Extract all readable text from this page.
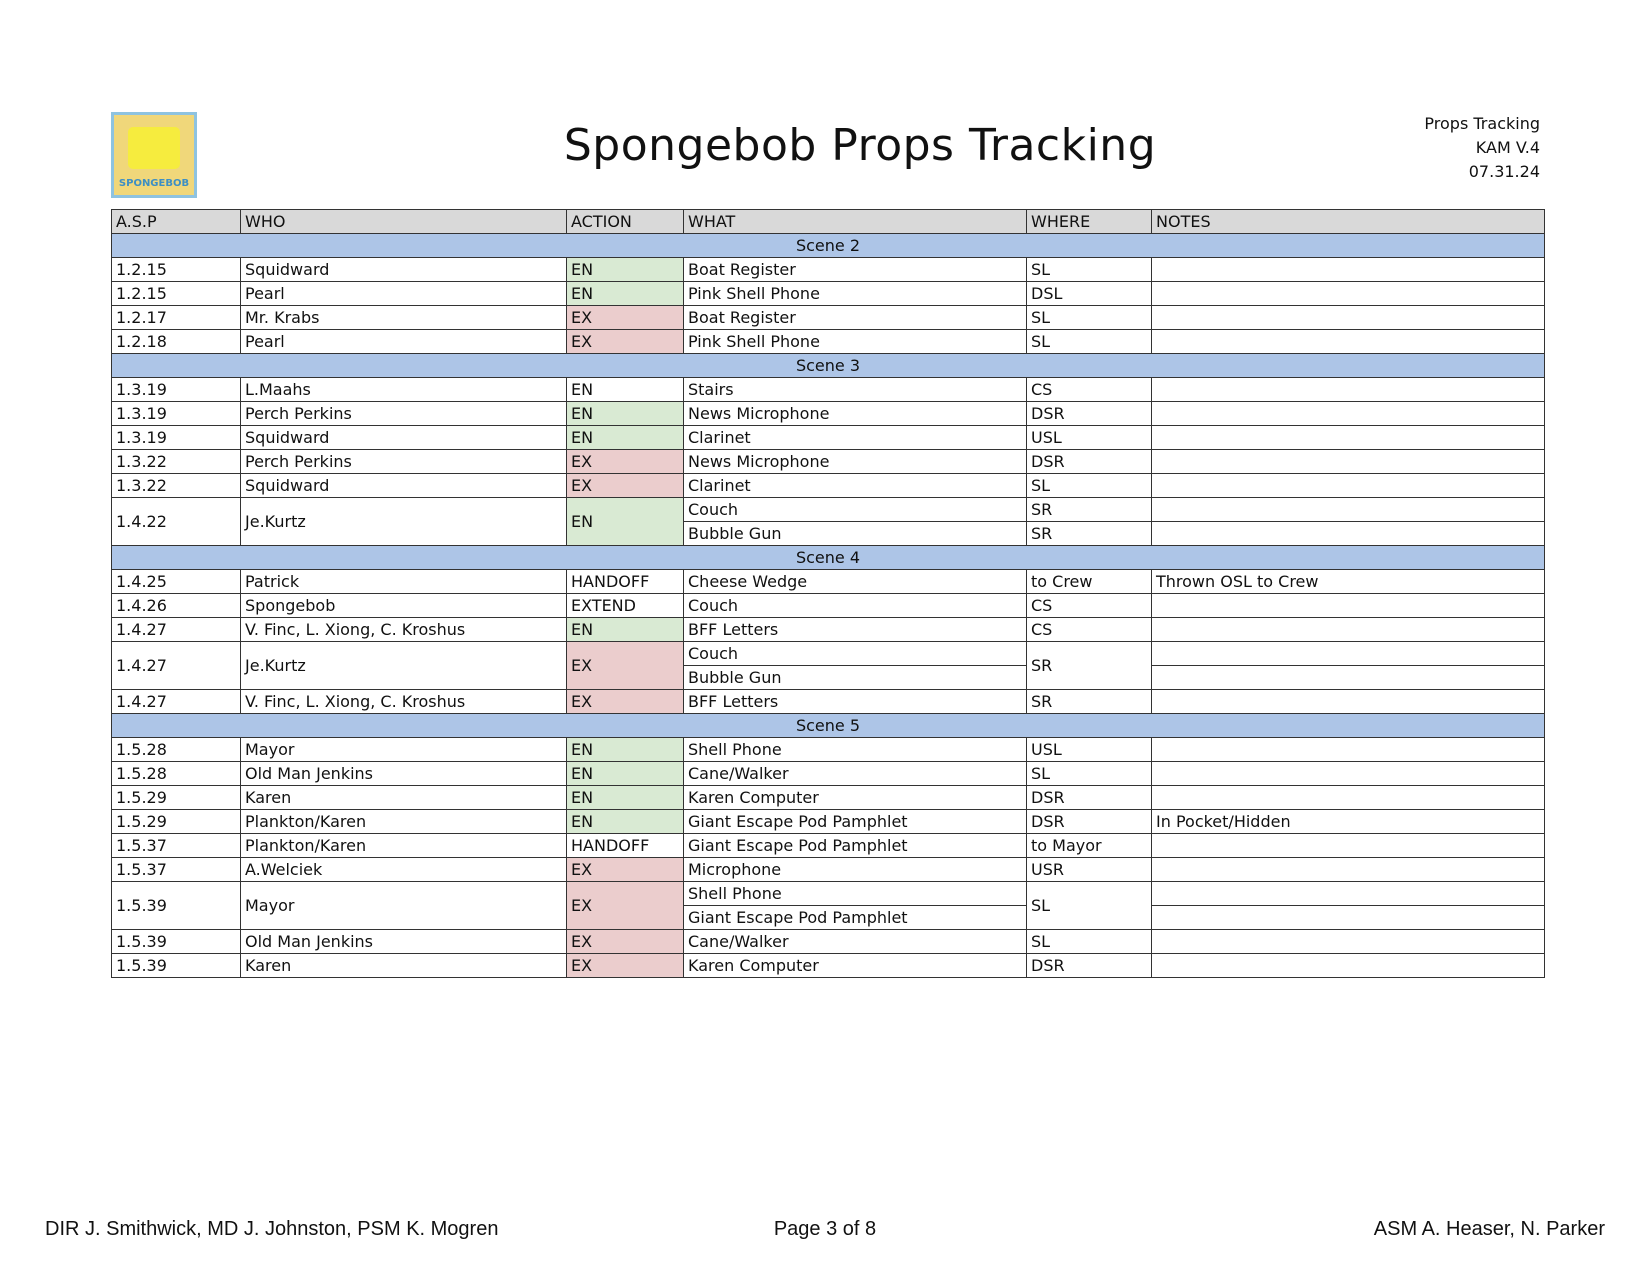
SPONGEBOB
Spongebob Props Tracking	Props Tracking
KAM V.4
07.31.24
A.S.P	WHO	ACTION	WHAT	WHERE	NOTES
Scene 2					
1.2.15	Squidward	EN	Boat Register	SL	
1.2.15	Pearl	EN	Pink Shell Phone	DSL	
1.2.17	Mr. Krabs	EX	Boat Register	SL	
1.2.18	Pearl	EX	Pink Shell Phone	SL	
Scene 3					
1.3.19	L.Maahs	EN	Stairs	CS	
1.3.19	Perch Perkins	EN	News Microphone	DSR	
1.3.19	Squidward	EN	Clarinet	USL	
1.3.22	Perch Perkins	EX	News Microphone	DSR	
1.3.22	Squidward	EX	Clarinet	SL	
1.4.22	Je.Kurtz	EN	Couch	SR	
			Bubble Gun	SR	
Scene 4					
1.4.25	Patrick	HANDOFF	Cheese Wedge	to Crew	Thrown OSL to Crew
1.4.26	Spongebob	EXTEND	Couch	CS	
1.4.27	V. Finc, L. Xiong, C. Kroshus	EN	BFF Letters	CS	
1.4.27	Je.Kurtz	EX	Couch	SR	
			Bubble Gun		
1.4.27	V. Finc, L. Xiong, C. Kroshus	EX	BFF Letters	SR	
Scene 5					
1.5.28	Mayor	EN	Shell Phone	USL	
1.5.28	Old Man Jenkins	EN	Cane/Walker	SL	
1.5.29	Karen	EN	Karen Computer	DSR	
1.5.29	Plankton/Karen	EN	Giant Escape Pod Pamphlet	DSR	In Pocket/Hidden
1.5.37	Plankton/Karen	HANDOFF	Giant Escape Pod Pamphlet	to Mayor	
1.5.37	A.Welciek	EX	Microphone	USR	
1.5.39	Mayor	EX	Shell Phone	SL	
			Giant Escape Pod Pamphlet		
1.5.39	Old Man Jenkins	EX	Cane/Walker	SL	
1.5.39	Karen	EX	Karen Computer	DSR	
DIR J. Smithwick, MD J. Johnston, PSM K. Mogren	Page 3 of 8	ASM A. Heaser, N. Parker
